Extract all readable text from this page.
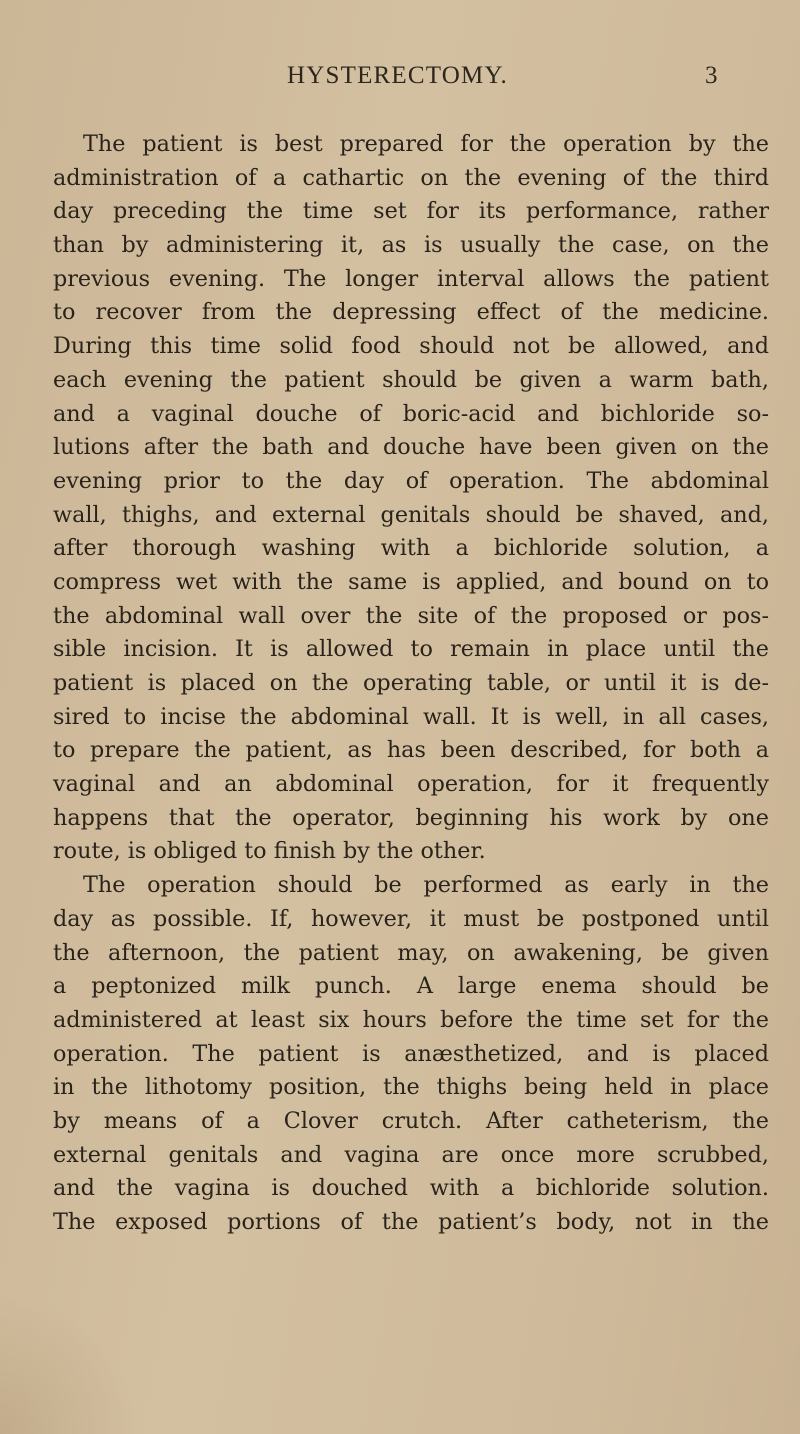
HYSTERECTOMY.	3
The patient is best prepared for the operation by the
administration of a cathartic on the evening of the third
day preceding the time set for its performance, rather
than by administering it, as is usually the case, on the
previous evening. The longer interval allows the patient
to recover from the depressing effect of the medicine.
During this time solid food should not be allowed, and
each evening the patient should be given a warm bath,
and a vaginal douche of boric-acid and bichloride so-
lutions after the bath and douche have been given on the
evening prior to the day of operation. The abdominal
wall, thighs, and external genitals should be shaved, and,
after thorough washing with a bichloride solution, a
compress wet with the same is applied, and bound on to
the abdominal wall over the site of the proposed or pos-
sible incision. It is allowed to remain in place until the
patient is placed on the operating table, or until it is de-
sired to incise the abdominal wall. It is well, in all cases,
to prepare the patient, as has been described, for both a
vaginal and an abdominal operation, for it frequently
happens that the operator, beginning his work by one
route, is obliged to finish by the other.
The operation should be performed as early in the
day as possible. If, however, it must be postponed until
the afternoon, the patient may, on awakening, be given
a peptonized milk punch. A large enema should be
administered at least six hours before the time set for the
operation. The patient is anæsthetized, and is placed
in the lithotomy position, the thighs being held in place
by means of a Clover crutch. After catheterism, the
external genitals and vagina are once more scrubbed,
and the vagina is douched with a bichloride solution.
The exposed portions of the patient’s body, not in the
